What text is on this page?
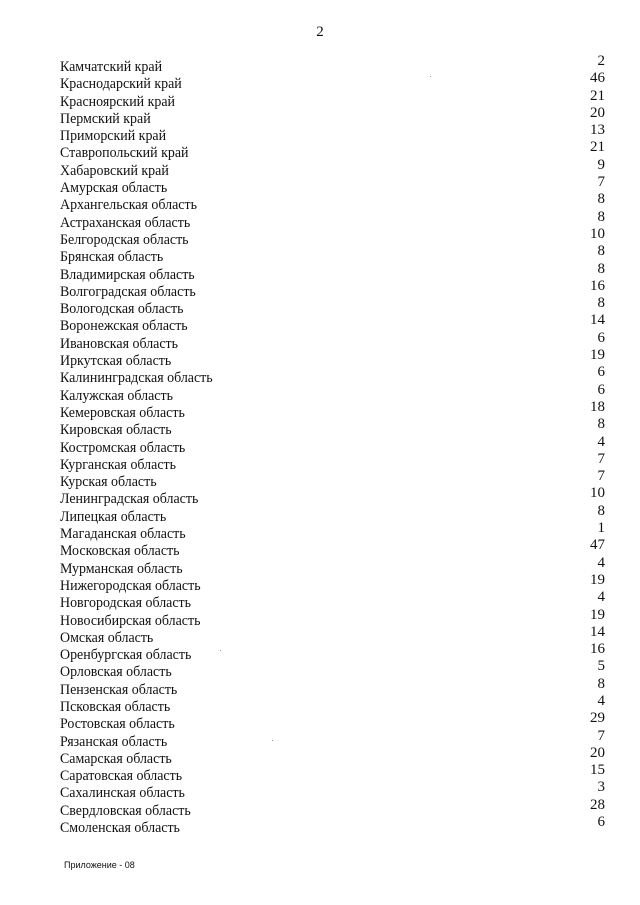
2
Камчатский край	2
Краснодарский край	46
Красноярский край	21
Пермский край	20
Приморский край	13
Ставропольский край	21
Хабаровский край	9
Амурская область	7
Архангельская область	8
Астраханская область	8
Белгородская область	10
Брянская область	8
Владимирская область	8
Волгоградская область	16
Вологодская область	8
Воронежская область	14
Ивановская область	6
Иркутская область	19
Калининградская область	6
Калужская область	6
Кемеровская область	18
Кировская область	8
Костромская область	4
Курганская область	7
Курская область	7
Ленинградская область	10
Липецкая область	8
Магаданская область	1
Московская область	47
Мурманская область	4
Нижегородская область	19
Новгородская область	4
Новосибирская область	19
Омская область	14
Оренбургская область	16
Орловская область	5
Пензенская область	8
Псковская область	4
Ростовская область	29
Рязанская область	7
Самарская область	20
Саратовская область	15
Сахалинская область	3
Свердловская область	28
Смоленская область	6
Приложение - 08
